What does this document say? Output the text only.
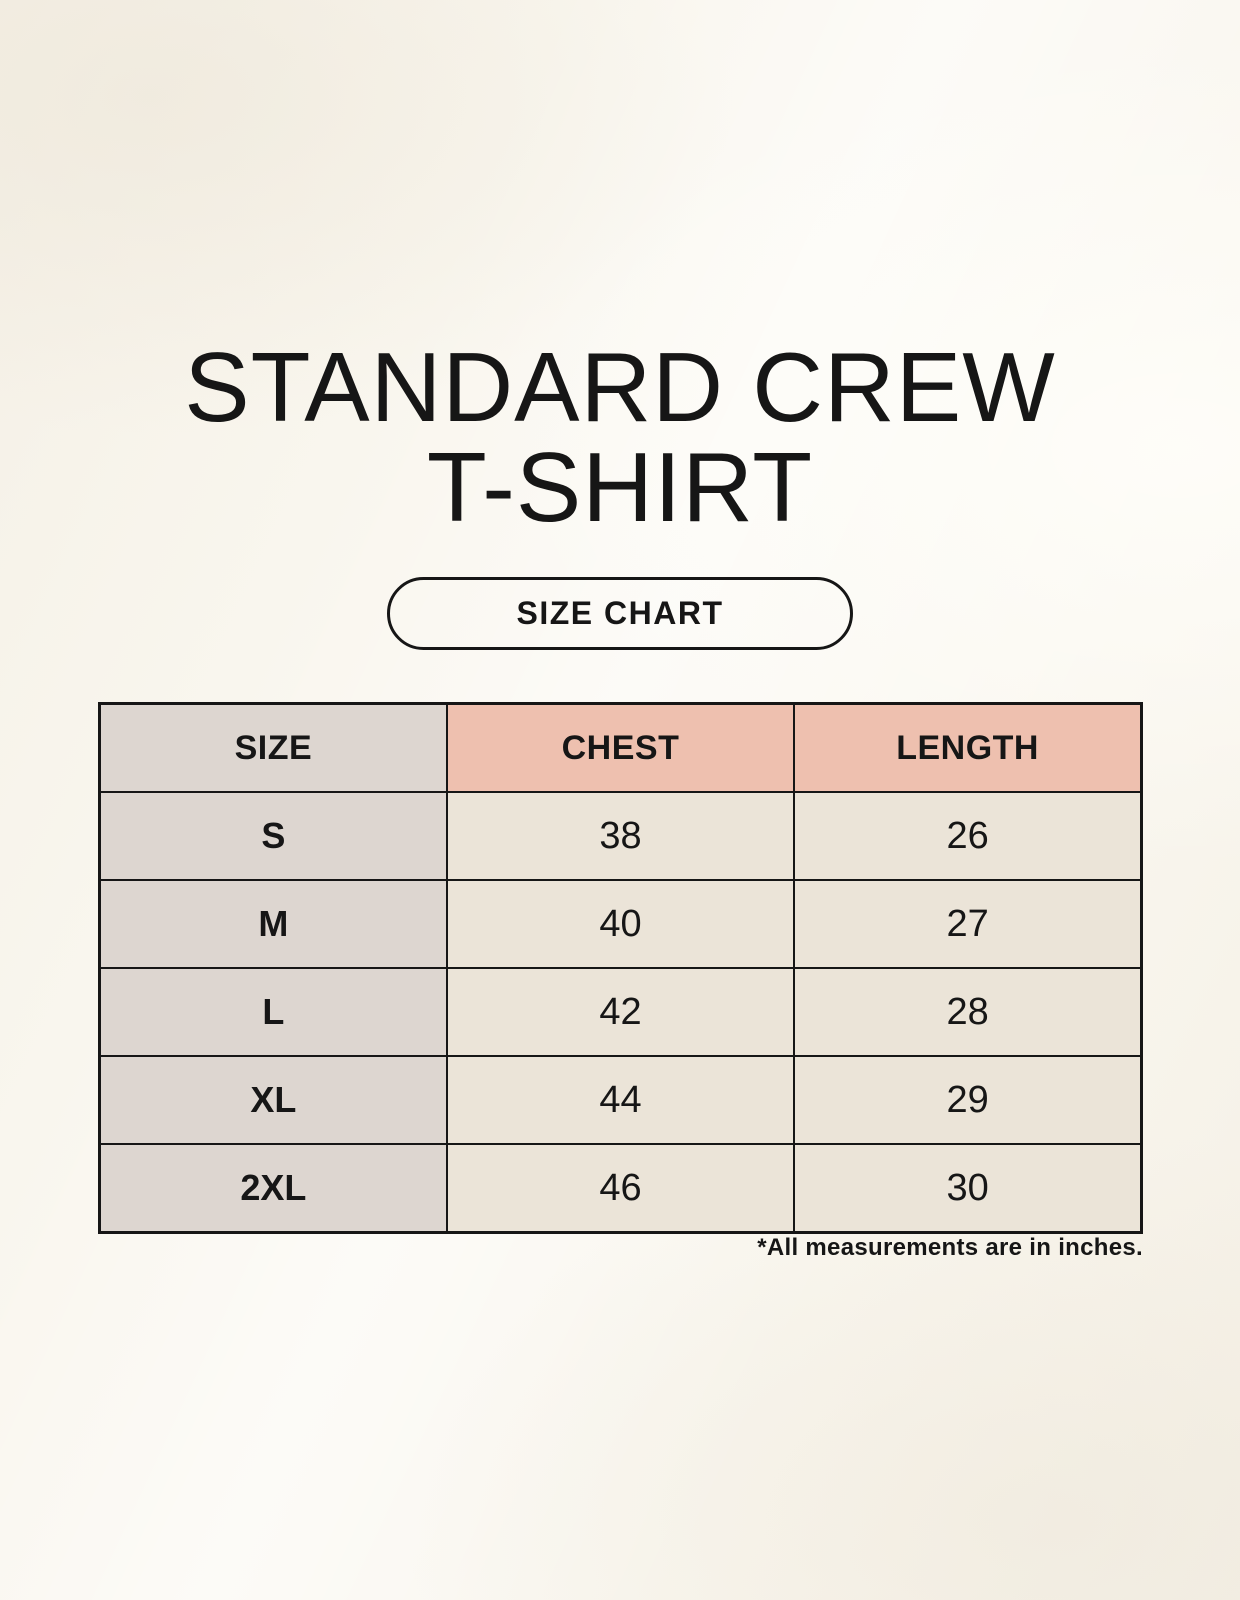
STANDARD CREW
T-SHIRT
SIZE CHART
SIZE	CHEST	LENGTH
S	38	26
M	40	27
L	42	28
XL	44	29
2XL	46	30
*All measurements are in inches.
